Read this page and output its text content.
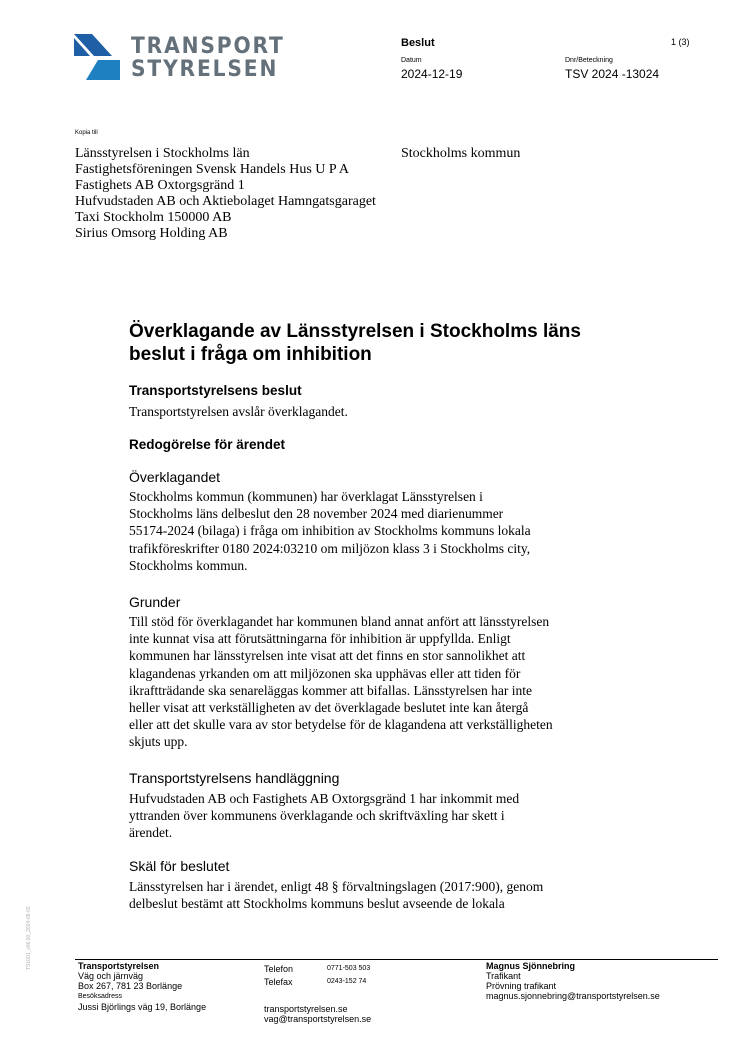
TRANSPORT
STYRELSEN
Beslut	1 (3)
Datum
2024-12-19
Dnr/Beteckning
TSV 2024 -13024
Kopia till
Länsstyrelsen i Stockholms län
Fastighetsföreningen Svensk Handels Hus U P A
Fastighets AB Oxtorgsgränd 1
Hufvudstaden AB och Aktiebolaget Hamngatsgaraget
Taxi Stockholm 150000 AB
Sirius Omsorg Holding AB
Stockholms kommun
Överklagande av Länsstyrelsen i Stockholms läns beslut i fråga om inhibition
Transportstyrelsens beslut
Transportstyrelsen avslår överklagandet.
Redogörelse för ärendet
Överklagandet
Stockholms kommun (kommunen) har överklagat Länsstyrelsen i
Stockholms läns delbeslut den 28 november 2024 med diarienummer
55174-2024 (bilaga) i fråga om inhibition av Stockholms kommuns lokala
trafikföreskrifter 0180 2024:03210 om miljözon klass 3 i Stockholms city,
Stockholms kommun.
Grunder
Till stöd för överklagandet har kommunen bland annat anfört att länsstyrelsen
inte kunnat visa att förutsättningarna för inhibition är uppfyllda. Enligt
kommunen har länsstyrelsen inte visat att det finns en stor sannolikhet att
klagandenas yrkanden om att miljözonen ska upphävas eller att tiden för
ikraftträdande ska senareläggas kommer att bifallas. Länsstyrelsen har inte
heller visat att verkställigheten av det överklagade beslutet inte kan återgå
eller att det skulle vara av stor betydelse för de klagandena att verkställigheten
skjuts upp.
Transportstyrelsens handläggning
Hufvudstaden AB och Fastighets AB Oxtorgsgränd 1 har inkommit med
yttranden över kommunens överklagande och skriftväxling har skett i
ärendet.
Skäl för beslutet
Länsstyrelsen har i ärendet, enligt 48 § förvaltningslagen (2017:900), genom
delbeslut bestämt att Stockholms kommuns beslut avseende de lokala
TS1001_v06.00_2024-09-02	Transportstyrelsen
Väg och järnväg
Box 267, 781 23 Borlänge
Besöksadress
Jussi Björlings väg 19, Borlänge
Telefon	0771-503 503
Telefax	0243-152 74
transportstyrelsen.se
vag@transportstyrelsen.se
Magnus Sjönnebring
Trafikant
Prövning trafikant
magnus.sjonnebring@transportstyrelsen.se
